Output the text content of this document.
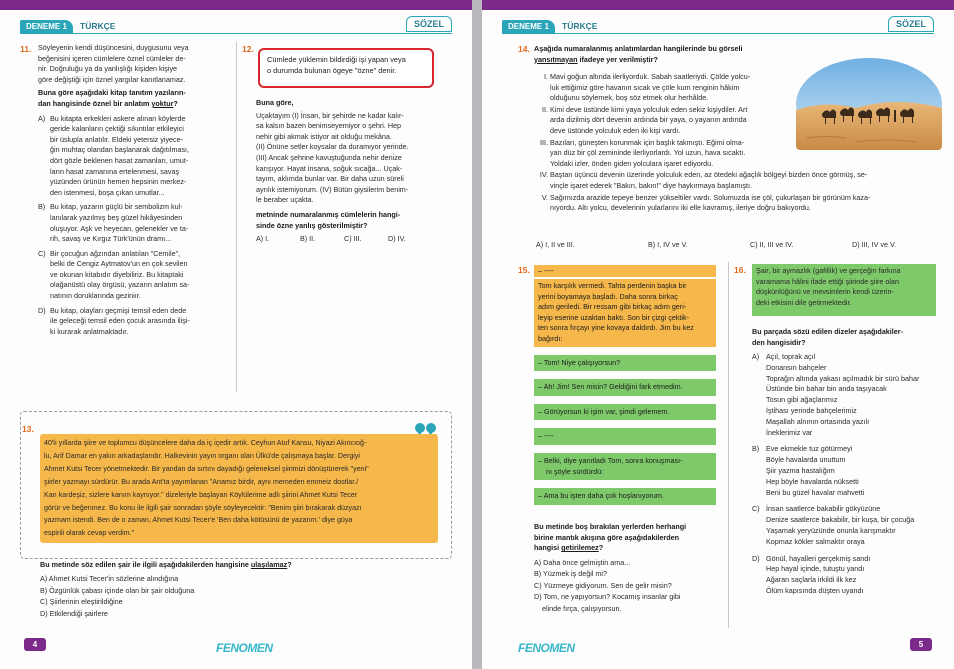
DENEME 1	TÜRKÇE	SÖZEL
11. Söyleyenin kendi düşüncesini, duygusunu veya
beğenisini içeren cümlelere öznel cümleler de-
nir. Doğruluğu ya da yanlışlığı kişiden kişiye
göre değiştiği için öznel yargılar kanıtlanamaz.
Buna göre aşağıdaki kitap tanıtım yazıların-
dan hangisinde öznel bir anlatım yoktur?
A) Bu kitapta erkekleri askere alınan köylerde
geride kalanların çektiği sıkıntılar etkileyici
bir üslupla anlatılır. Eldeki yetersiz yiyece-
ğin muhtaç olandan başlanarak dağıtılması,
dört gözle beklenen hasat zamanları, umut-
ların hasat zamanına ertelenmesi, savaş
yüzünden ürünün hemen hepsinin merkez-
den istenmesi, boşa çıkan umutlar...
B) Bu kitap, yazarın güçlü bir sembolizm kul-
lanılarak yazılmış beş güzel hikâyesinden
oluşuyor. Aşk ve heyecan, gelenekler ve ta-
rih, savaş ve Kırgız Türk'ünün dramı...
C) Bir çocuğun ağzından anlatılan "Cemile",
belki de Cengiz Aytmatov'un en çok sevilen
ve okunan kitabıdır diyebiliriz. Bu kitaptaki
olağanüstü olay örgüsü, yazarın anlatım sa-
natının doruklarında geziniır.
D) Bu kitap, olayları geçmişi temsil eden dede
ile geleceği temsil eden çocuk arasında ilişi-
ki kurarak anlatmaktadır.
12.
Cümlede yüklemin bildirdiği işi yapan veya
o durumda bulunan ögeye "özne" denir.
Buna göre,
Uçaktayım (I) İnsan, bir şehirde ne kadar kalır-
sa kalsın bazen benimseyemiyor o şehri. Hep
nehir gibi akmak istiyor ait olduğu mekâna.
(II) Önüne setler koysalar da duramıyor yerinde.
(III) Ancak şehrine kavuştuğunda nehir denize
karışıyor. Hayat insana, soğuk sıcağa... Uçak-
tayım, aklımda bunlar var. Bir daha uzun süreli
ayrılık istemiyorum. (IV) Bütün giysilerim benim-
le beraber uçakta.
metninde numaralanmış cümlelerin hangi-
sinde özne yanlış gösterilmiştir?
A) I.	B) II.	C) III.	D) IV.
13.
40'lı yıllarda şiire ve toplumcu düşüncelere daha da iç içedir artık. Ceyhun Atuf Kansu, Niyazi Akıncıoğ-
lu, Arif Damar en yakın arkadaşlarıdır. Halkevinin yayın organı olan Ülkü'de çalışmaya başlar. Dergiyi
Ahmet Kutsi Tecer yönetmektedir. Bir yandan da sırtını dayadığı geleneksel şiirimizi dönüştürerek "yeni"
şiirler yazmayı sürdürür. Bu arada Ant'ta yayımlanan "Anamız birdir, aynı memeden emmeiz dostlar./
Kan kardeşiz, sizlere kanım kaynıyor." dizeleriyle başlayan Köylülerime adlı şiirini Ahmet Kutsi Tecer
görür ve beğenmez. Bu konu ile ilgili şair sonradan şöyle söyleyecektir: "Benim şiiri bırakarak düzyazı
yazmam istendi. Ben de o zaman, Ahmet Kutsi Tecer'e 'Ben daha kötüsünü de yazarım.' diye güya
espirili olarak cevap verdim."
Bu metinde söz edilen şair ile ilgili aşağıdakilerden hangisine ulaşılamaz?
A) Ahmet Kutsi Tecer'in sözlerine alındığına
B) Özgünlük çabası içinde olan bir şair olduğuna
C) Şiirlerinin eleştirildiğine
D) Etkilendiği şairlere
4	FENOMEN
DENEME 1	TÜRKÇE	SÖZEL
14. Aşağıda numaralanmış anlatımlardan hangilerinde bu görseli
yansıtmayan ifadeye yer verilmiştir?
I. Mavi goğun altında ilerliyorduk. Sabah saatleriydi. Çölde yolcu-
luk ettiğimiz göre havanın sıcak ve çöle kum renginin hâkim
olduğunu söylemek, boş söz etmek olur herhâlde.
II. Kimi deve üstünde kimi yaya yolculuk eden sekiz kişiydiler. Art
arda dizilmiş dört devenin ardında bir yaya, o yayanın ardında
deve üstünde yolculuk eden iki kişi vardı.
III. Bazıları, güneşten korunmak için başlık takmıştı. Eğimi olma-
yan düz bir çöl zemininde ilerliyorlardı. Yol uzun, hava sıcaktı.
Yoldaki izler, önden giden yolculara işaret ediyordu.
IV. Baştan üçüncü devenin üzerinde yolculuk eden, az ötedeki ağaçlık bölgeyi bizden önce görmüş, se-
vinçle işaret ederek "Bakın, bakın!" diye haykırmaya başlamıştı.
V. Sağımızda arazide tepeye benzer yükseltiler vardı. Solumuzda ise çöl, çukurlaşan bir görünüm kaza-
nıyordu. Altı yolcu, develerinin yularlarını iki elle kavramış, ileriye doğru bakıyordu.
A) I, II ve III.	B) I, IV ve V.	C) II, III ve IV.	D) III, IV ve V.
15.	– ----
Tom karşılık vermedi. Tahta perdenin başka bir
yerini boyamaya başladı. Daha sonra birkaç
adım geriledi. Bir ressam gibi birkaç adım geri-
leyip eserine uzaktan baktı. Son bir çizgi çektik-
ten sonra fırçayı yine kovaya daldırdı. Jim bu kez
bağırdı:
– Tom! Niye çalışıyorsun?
– Ah! Jim! Sen misin? Geldiğini fark etmedim.
– Görüyorsun ki işim var, şimdi gelemem.
– ----
– Belki, diye yanıtladı Tom, sonra konuşması-
nı şöyle sürdürdü:
– Ama bu işten daha çok hoşlanıyorum.
Bu metinde boş bırakılan yerlerden herhangi
birine mantık akışına göre aşağıdakilerden
hangisi getirilemez?
A) Daha önce gelmiştin ama...
B) Yüzmek iş değil mi?
C) Yüzmeye gidiyorum. Sen de gelir misin?
D) Tom, ne yapıyorsun? Kocamış insanlar gibi
elinde fırça, çalışıyorsun.
16. Şair, bir aymazlık (gafillik) ve gerçeğin farkına
varamama hâlini ifade ettiği şiirinde şiire olan
düşkünlüğünü ve mevsimlerin kendi üzerin-
deki etkisini dile getirmektedir.
Bu parçada sözü edilen dizeler aşağıdakiler-
den hangisidir?
A) Açıl, toprak açıl
Donansın bahçeler
Toprağın altında yakası açılmadık bir sürü bahar
Üstünde bin bahar bin anda taşıyacak
Tosun gibi ağaçlarımız
İştihası yerinde bahçelerimiz
Maşallah alnının ortasında yazılı
İneklerimiz var
B) Eve ekmekle tuz götürmeyi
Böyle havalarda unuttum
Şiir yazma hastalığım
Hep böyle havalarda nüksetti
Beni bu güzel havalar mahvetti
C) İnsan saatlerce bakabilir gökyüzüne
Denize saatlerce bakabilir, bir kuşa, bir çocuğa
Yaşamak yeryüzünde onunla karışmaktır
Kopmaz kökler salmaktır oraya
D) Gönül, hayalleri gerçekmiş sandı
Hep hayal içinde, tutuştu yandı
Ağaran saçlarla irkildi ilk kez
Ölüm kapısında düşten uyandı
FENOMEN	5
